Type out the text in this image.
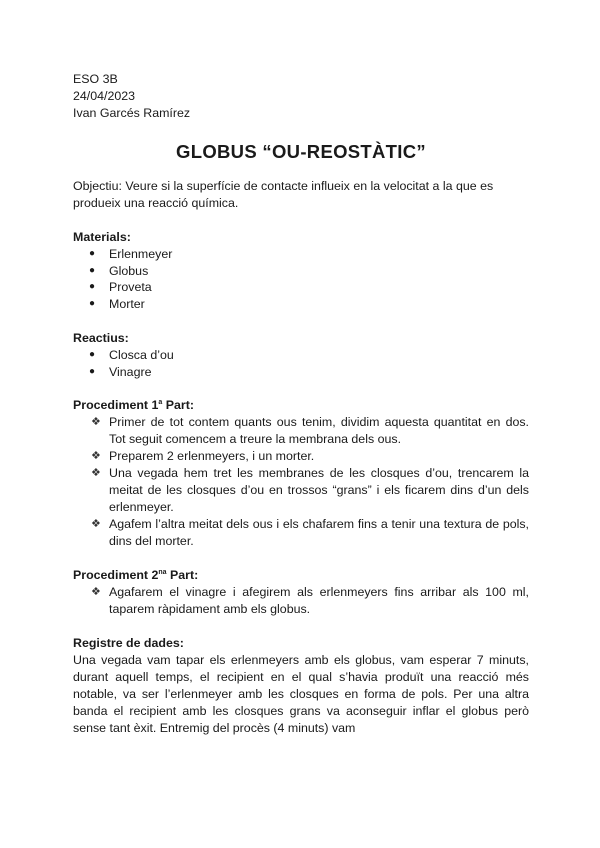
ESO 3B
24/04/2023
Ivan Garcés Ramírez
GLOBUS “OU-REOSTÀTIC”
Objectiu: Veure si la superfície de contacte influeix en la velocitat a la que es produeix una reacció química.
Materials:
● Erlenmeyer
● Globus
● Proveta
● Morter
Reactius:
● Closca d’ou
● Vinagre
Procediment 1$^a$ Part:
❖ Primer de tot contem quants ous tenim, dividim aquesta quantitat en dos. Tot seguit comencem a treure la membrana dels ous.
❖ Preparem 2 erlenmeyers, i un morter.
❖ Una vegada hem tret les membranes de les closques d’ou, trencarem la meitat de les closques d’ou en trossos “grans” i els ficarem dins d’un dels erlenmeyer.
❖ Agafem l’altra meitat dels ous i els chafarem fins a tenir una textura de pols, dins del morter.
Procediment $2^{na}$ Part:
❖ Agafarem el vinagre i afegirem als erlenmeyers fins arribar als 100 ml, taparem ràpidament amb els globus.
Registre de dades:
Una vegada vam tapar els erlenmeyers amb els globus, vam esperar 7 minuts, durant aquell temps, el recipient en el qual s’havia produït una reacció més notable, va ser l’erlenmeyer amb les closques en forma de pols. Per una altra banda el recipient amb les closques grans va aconseguir inflar el globus però sense tant èxit. Entremig del procès (4 minuts) vam
